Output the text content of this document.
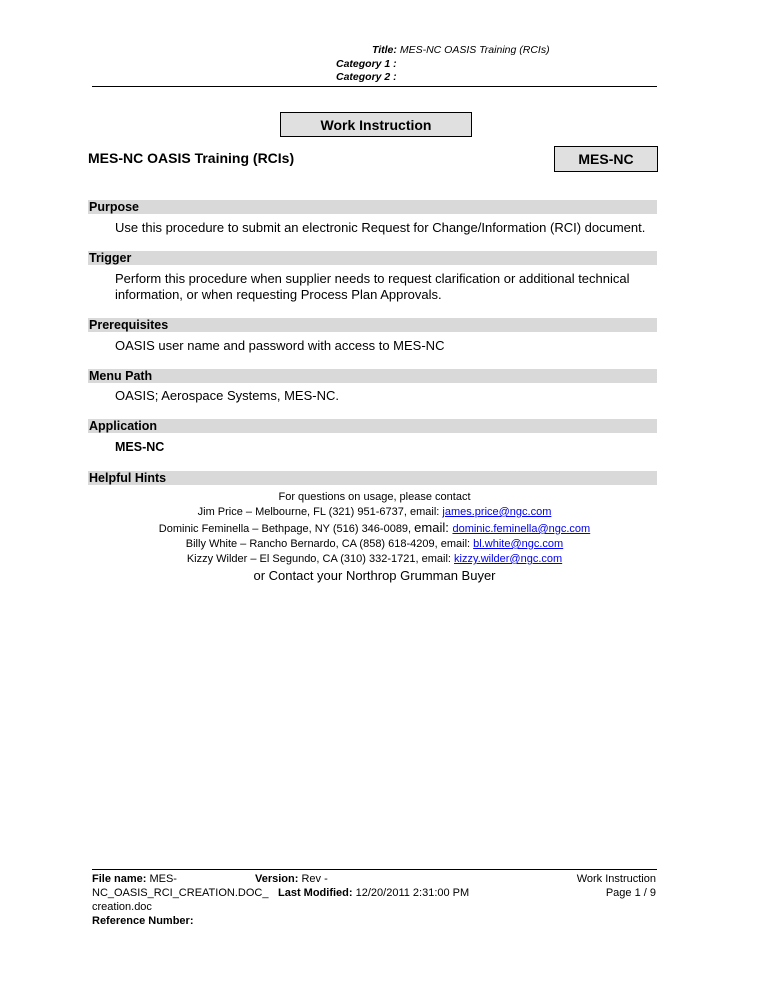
Title: MES-NC OASIS Training (RCIs)
Category 1 :
Category 2 :
Work Instruction
MES-NC OASIS Training (RCIs)	MES-NC
Purpose
Use this procedure to submit an electronic Request for Change/Information (RCI) document.
Trigger
Perform this procedure when supplier needs to request clarification or additional technical information, or when requesting Process Plan Approvals.
Prerequisites
OASIS user name and password with access to MES-NC
Menu Path
OASIS; Aerospace Systems, MES-NC.
Application
MES-NC
Helpful Hints
For questions on usage, please contact
Jim Price – Melbourne, FL (321) 951-6737, email: james.price@ngc.com
Dominic Feminella – Bethpage, NY (516) 346-0089, email: dominic.feminella@ngc.com
Billy White – Rancho Bernardo, CA (858) 618-4209, email: bl.white@ngc.com
Kizzy Wilder – El Segundo, CA (310) 332-1721, email: kizzy.wilder@ngc.com
or Contact your Northrop Grumman Buyer
File name: MES-
NC_OASIS_RCI_CREATION.DOC_
creation.doc
Reference Number:
Version: Rev -
Last Modified: 12/20/2011 2:31:00 PM
Work Instruction
Page 1 / 9
